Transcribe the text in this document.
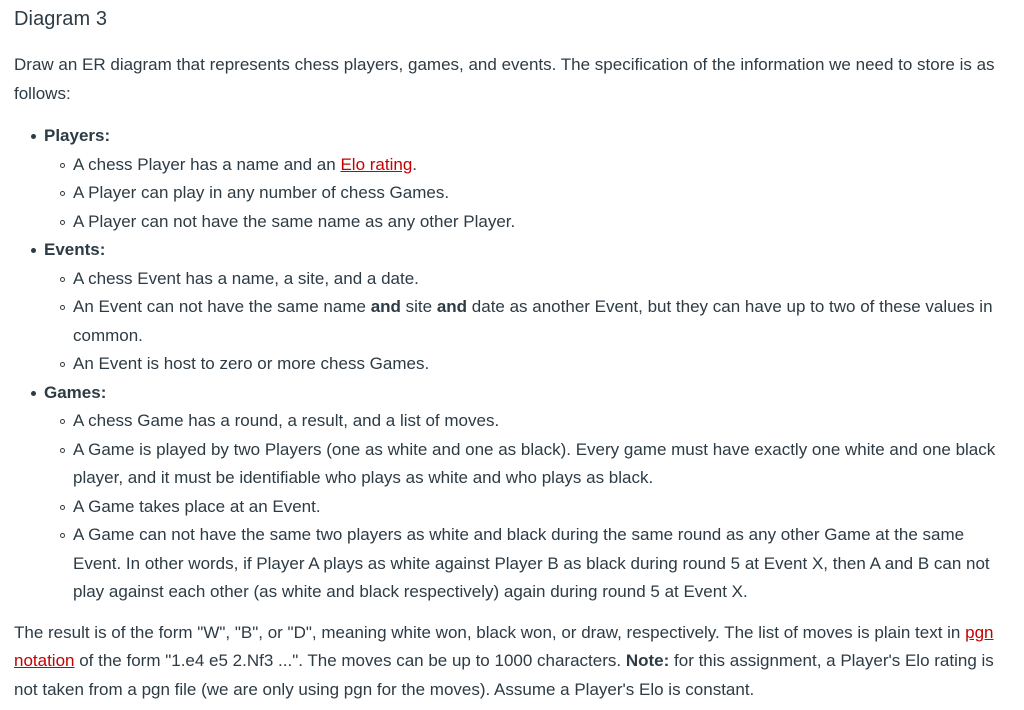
Diagram 3

Draw an ER diagram that represents chess players, games, and events. The specification of the information we need to store is as follows:

Players:
A chess Player has a name and an Elo rating.
A Player can play in any number of chess Games.
A Player can not have the same name as any other Player.
Events:
A chess Event has a name, a site, and a date.
An Event can not have the same name and site and date as another Event, but they can have up to two of these values in common.
An Event is host to zero or more chess Games.
Games:
A chess Game has a round, a result, and a list of moves.
A Game is played by two Players (one as white and one as black). Every game must have exactly one white and one black player, and it must be identifiable who plays as white and who plays as black.
A Game takes place at an Event.
A Game can not have the same two players as white and black during the same round as any other Game at the same Event. In other words, if Player A plays as white against Player B as black during round 5 at Event X, then A and B can not play against each other (as white and black respectively) again during round 5 at Event X.

The result is of the form "W", "B", or "D", meaning white won, black won, or draw, respectively. The list of moves is plain text in pgn notation of the form "1.e4 e5 2.Nf3 ...". The moves can be up to 1000 characters. Note: for this assignment, a Player's Elo rating is not taken from a pgn file (we are only using pgn for the moves). Assume a Player's Elo is constant.
